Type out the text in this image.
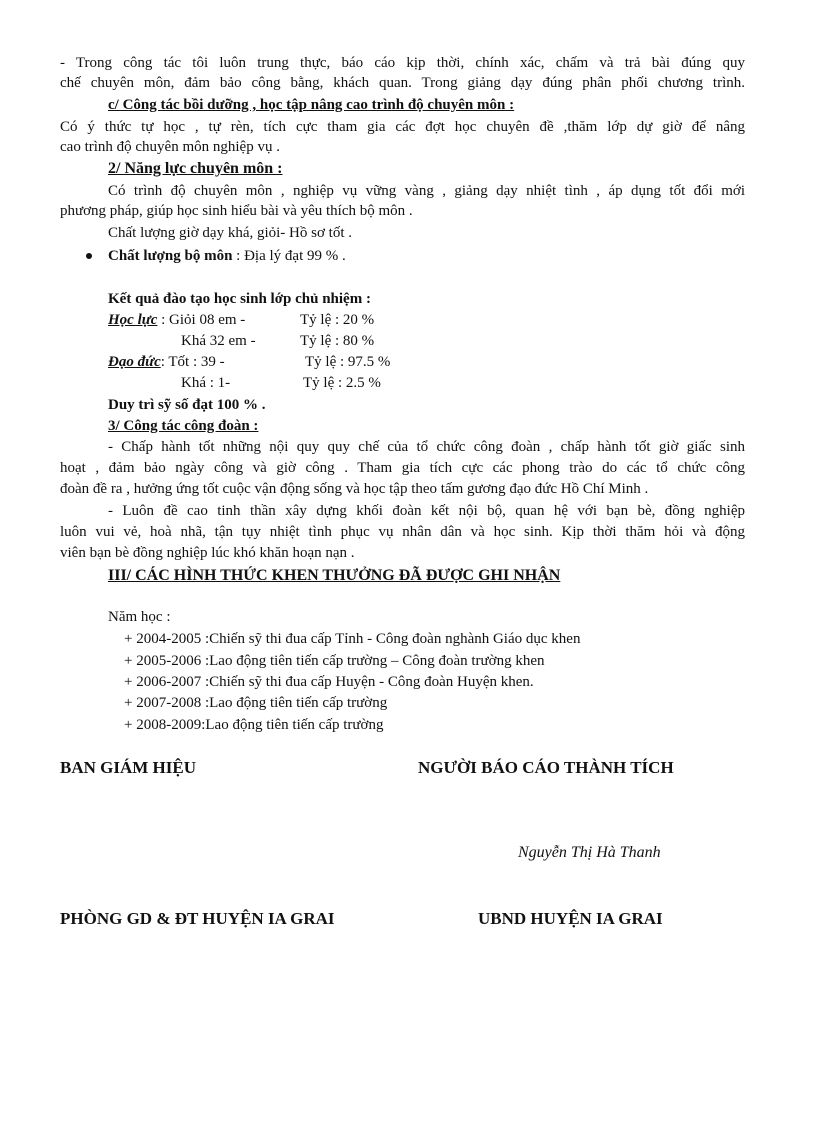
- Trong công tác tôi luôn trung thực, báo cáo kịp thời, chính xác, chấm và trả bài đúng quy
chế chuyên môn, đảm bảo công bằng, khách quan. Trong giảng dạy đúng phân phối chương trình.
c/ Công tác bồi dưỡng , học tập nâng cao trình độ chuyên môn :
Có ý thức tự học , tự rèn, tích cực tham gia các đợt học chuyên đề ,thăm lớp dự giờ để nâng
cao trình độ chuyên môn nghiệp vụ .
2/ Năng lực chuyên môn :
Có trình độ chuyên môn , nghiệp vụ vững vàng , giảng dạy nhiệt tình , áp dụng tốt đổi mới
phương pháp, giúp học sinh hiểu bài và yêu thích bộ môn .
Chất lượng giờ dạy khá, giỏi- Hồ sơ tốt .
Chất lượng bộ môn : Địa lý đạt 99 % .
Kết quả đào tạo học sinh lớp chủ nhiệm :
Học lực : Giỏi 08 em -	Tỷ lệ : 20 %
Khá 32 em -	Tỷ lệ : 80 %
Đạo đức: Tốt : 39 -	Tỷ lệ : 97.5 %
Khá : 1-	Tỷ lệ : 2.5 %
Duy trì sỹ số đạt 100 % .
3/ Công tác công đoàn :
- Chấp hành tốt những nội quy quy chế của tổ chức công đoàn , chấp hành tốt giờ giấc sinh
hoạt , đảm bảo ngày công và giờ công . Tham gia tích cực các phong trào do các tổ chức công
đoàn đề ra , hưởng ứng tốt cuộc vận động sống và học tập theo tấm gương đạo đức Hồ Chí Minh .
- Luôn đề cao tinh thần xây dựng khối đoàn kết nội bộ, quan hệ với bạn bè, đồng nghiệp
luôn vui vẻ, hoà nhã, tận tụy nhiệt tình phục vụ nhân dân và học sinh. Kịp thời thăm hỏi và động
viên bạn bè đồng nghiệp lúc khó khăn hoạn nạn .
III/ CÁC HÌNH THỨC KHEN THƯỞNG ĐÃ ĐƯỢC GHI NHẬN
Năm học :
+ 2004-2005 :Chiến sỹ thi đua cấp Tỉnh - Công đoàn nghành Giáo dục khen
+ 2005-2006 :Lao động tiên tiến cấp trường – Công đoàn trường khen
+ 2006-2007 :Chiến sỹ thi đua cấp Huyện - Công đoàn Huyện khen.
+ 2007-2008 :Lao động tiên tiến cấp trường
+ 2008-2009:Lao động tiên tiến cấp trường
BAN GIÁM HIỆU	NGƯỜI BÁO CÁO THÀNH TÍCH
Nguyễn Thị Hà Thanh
PHÒNG GD & ĐT HUYỆN IA GRAI	UBND HUYỆN IA GRAI
